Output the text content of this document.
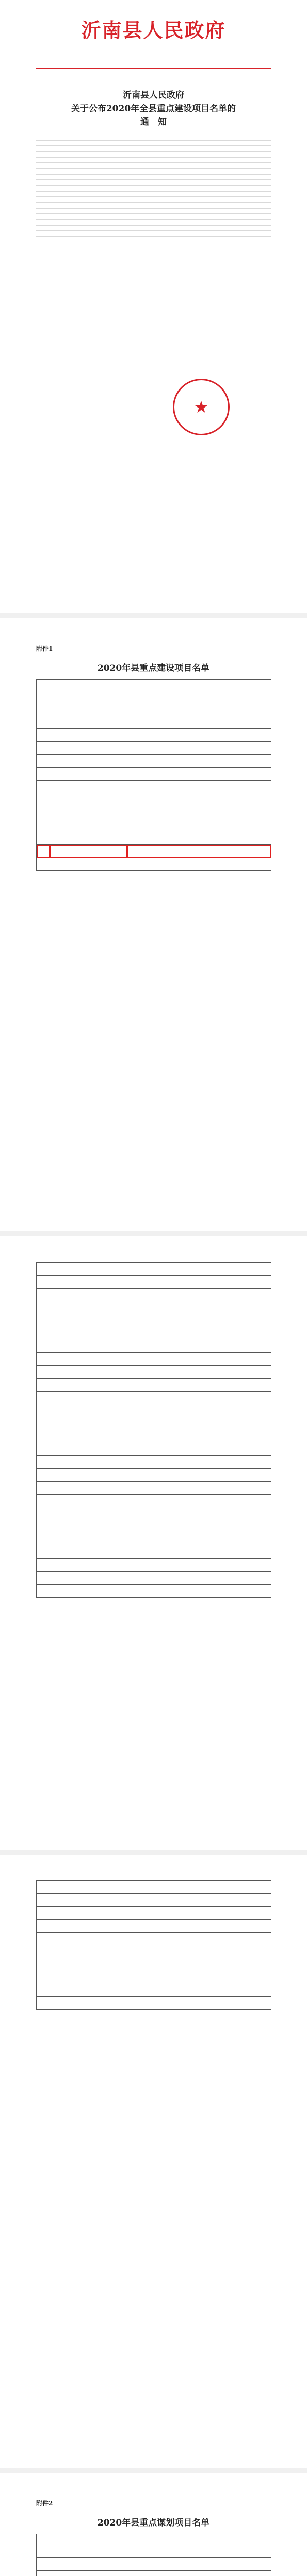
沂南县人民政府
沂南县人民政府
关于公布2020年全县重点建设项目名单的
通　知
★
附件1
2020年县重点建设项目名单

附件2
2020年县重点谋划项目名单
